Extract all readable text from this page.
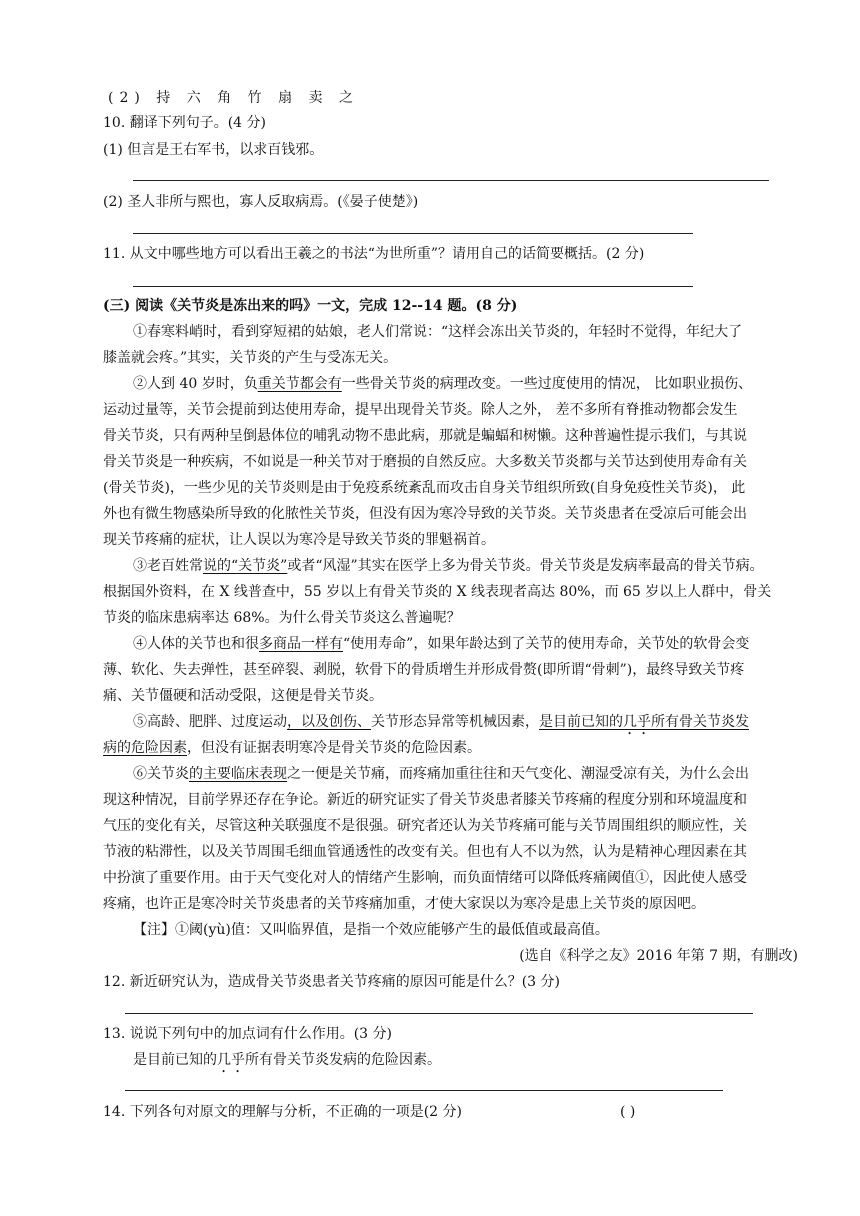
(2) 持 六 角 竹 扇 卖 之
10. 翻译下列句子。(4 分)
(1) 但言是王右军书，以求百钱邪。
(2) 圣人非所与熙也，寡人反取病焉。(《晏子使楚》)
11. 从文中哪些地方可以看出王羲之的书法“为世所重”？请用自己的话简要概括。(2 分)
(三) 阅读《关节炎是冻出来的吗》一文，完成 12--14 题。(8 分)
①春寒料峭时，看到穿短裙的姑娘，老人们常说：“这样会冻出关节炎的，年轻时不觉得，年纪大了
膝盖就会疼。”其实，关节炎的产生与受冻无关。
②人到 40 岁时，负重关节都会有一些骨关节炎的病理改变。一些过度使用的情况， 比如职业损伤、
运动过量等，关节会提前到达使用寿命，提早出现骨关节炎。除人之外， 差不多所有脊推动物都会发生
骨关节炎，只有两种呈倒悬体位的哺乳动物不患此病，那就是蝙蝠和树懒。这种普遍性提示我们，与其说
骨关节炎是一种疾病，不如说是一种关节对于磨损的自然反应。大多数关节炎都与关节达到使用寿命有关
(骨关节炎)，一些少见的关节炎则是由于免疫系统紊乱而攻击自身关节组织所致(自身免疫性关节炎)， 此
外也有微生物感染所导致的化脓性关节炎，但没有因为寒冷导致的关节炎。关节炎患者在受凉后可能会出
现关节疼痛的症状，让人误以为寒冷是导致关节炎的罪魁祸首。
③老百姓常说的“关节炎”或者“风湿”其实在医学上多为骨关节炎。骨关节炎是发病率最高的骨关节病。
根据国外资料，在 X 线普查中，55 岁以上有骨关节炎的 X 线表现者高达 80%，而 65 岁以上人群中，骨关
节炎的临床患病率达 68%。为什么骨关节炎这么普遍呢？
④人体的关节也和很多商品一样有“使用寿命”，如果年龄达到了关节的使用寿命，关节处的软骨会变
薄、软化、失去弹性，甚至碎裂、剥脱，软骨下的骨质增生并形成骨赘(即所谓“骨刺”)，最终导致关节疼
痛、关节僵硬和活动受限，这便是骨关节炎。
⑤高龄、肥胖、过度运动，以及创伤、关节形态异常等机械因素，是目前已知的几乎所有骨关节炎发
病的危险因素，但没有证据表明寒冷是骨关节炎的危险因素。
⑥关节炎的主要临床表现之一便是关节痛，而疼痛加重往往和天气变化、潮湿受凉有关，为什么会出
现这种情况，目前学界还存在争论。新近的研究证实了骨关节炎患者膝关节疼痛的程度分别和环境温度和
气压的变化有关，尽管这种关联强度不是很强。研究者还认为关节疼痛可能与关节周围组织的顺应性，关
节液的粘滞性，以及关节周围毛细血管通透性的改变有关。但也有人不以为然，认为是精神心理因素在其
中扮演了重要作用。由于天气变化对人的情绪产生影响，而负面情绪可以降低疼痛阈值①，因此使人感受
疼痛，也许正是寒冷时关节炎患者的关节疼痛加重，才使大家误以为寒冷是患上关节炎的原因吧。
【注】①阈(yù)值：又叫临界值，是指一个效应能够产生的最低值或最高值。
(选自《科学之友》2016 年第 7 期，有删改)
12. 新近研究认为，造成骨关节炎患者关节疼痛的原因可能是什么？(3 分)
13. 说说下列句中的加点词有什么作用。(3 分)
是目前已知的几乎所有骨关节炎发病的危险因素。
14. 下列各句对原文的理解与分析，不正确的一项是(2 分)	( )
